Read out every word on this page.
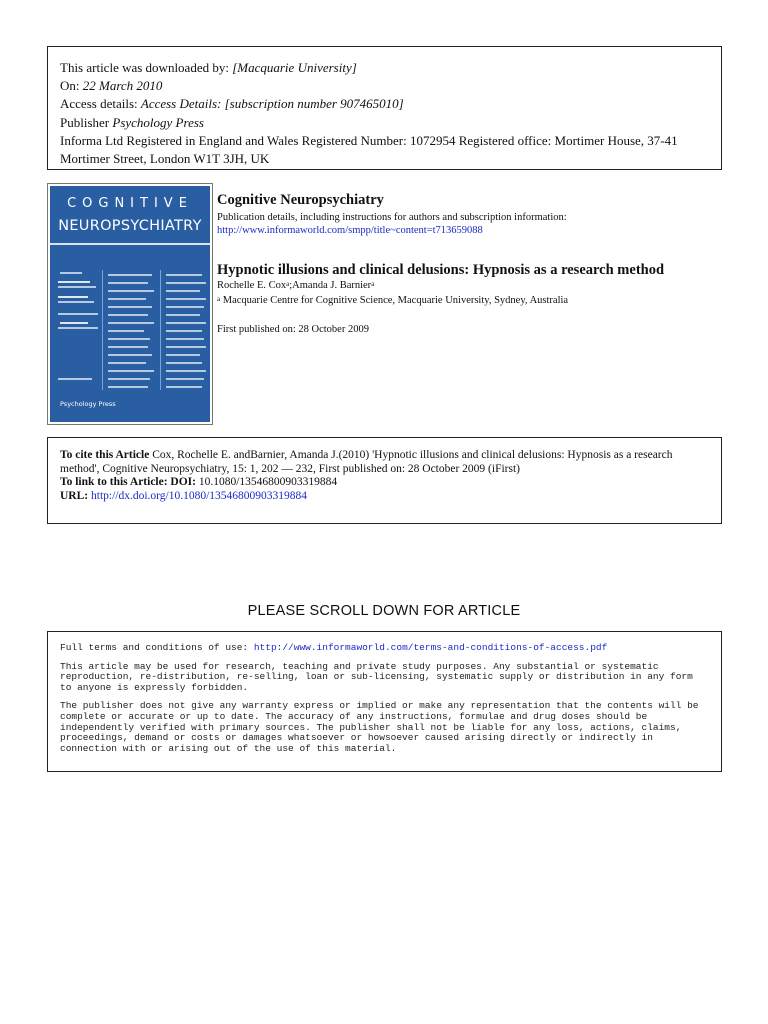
This article was downloaded by: [Macquarie University]
On: 22 March 2010
Access details: Access Details: [subscription number 907465010]
Publisher Psychology Press
Informa Ltd Registered in England and Wales Registered Number: 1072954 Registered office: Mortimer House, 37-41 Mortimer Street, London W1T 3JH, UK
COGNITIVE
NEUROPSYCHIATRY
Psychology Press
Cognitive Neuropsychiatry
Publication details, including instructions for authors and subscription information:
http://www.informaworld.com/smpp/title~content=t713659088
Hypnotic illusions and clinical delusions: Hypnosis as a research method
Rochelle E. Cox$^a$;Amanda J. Barnier$^a$
$^a$ Macquarie Centre for Cognitive Science, Macquarie University, Sydney, Australia
First published on: 28 October 2009
To cite this Article Cox, Rochelle E. andBarnier, Amanda J.(2010) 'Hypnotic illusions and clinical delusions: Hypnosis as a research method', Cognitive Neuropsychiatry, 15: 1, 202 — 232, First published on: 28 October 2009 (iFirst)
To link to this Article: DOI: 10.1080/13546800903319884
URL: http://dx.doi.org/10.1080/13546800903319884
PLEASE SCROLL DOWN FOR ARTICLE

Full terms and conditions of use: http://www.informaworld.com/terms-and-conditions-of-access.pdf

This article may be used for research, teaching and private study purposes. Any substantial or systematic reproduction, re-distribution, re-selling, loan or sub-licensing, systematic supply or distribution in any form to anyone is expressly forbidden.

The publisher does not give any warranty express or implied or make any representation that the contents will be complete or accurate or up to date. The accuracy of any instructions, formulae and drug doses should be independently verified with primary sources. The publisher shall not be liable for any loss, actions, claims, proceedings, demand or costs or damages whatsoever or howsoever caused arising directly or indirectly in connection with or arising out of the use of this material.
